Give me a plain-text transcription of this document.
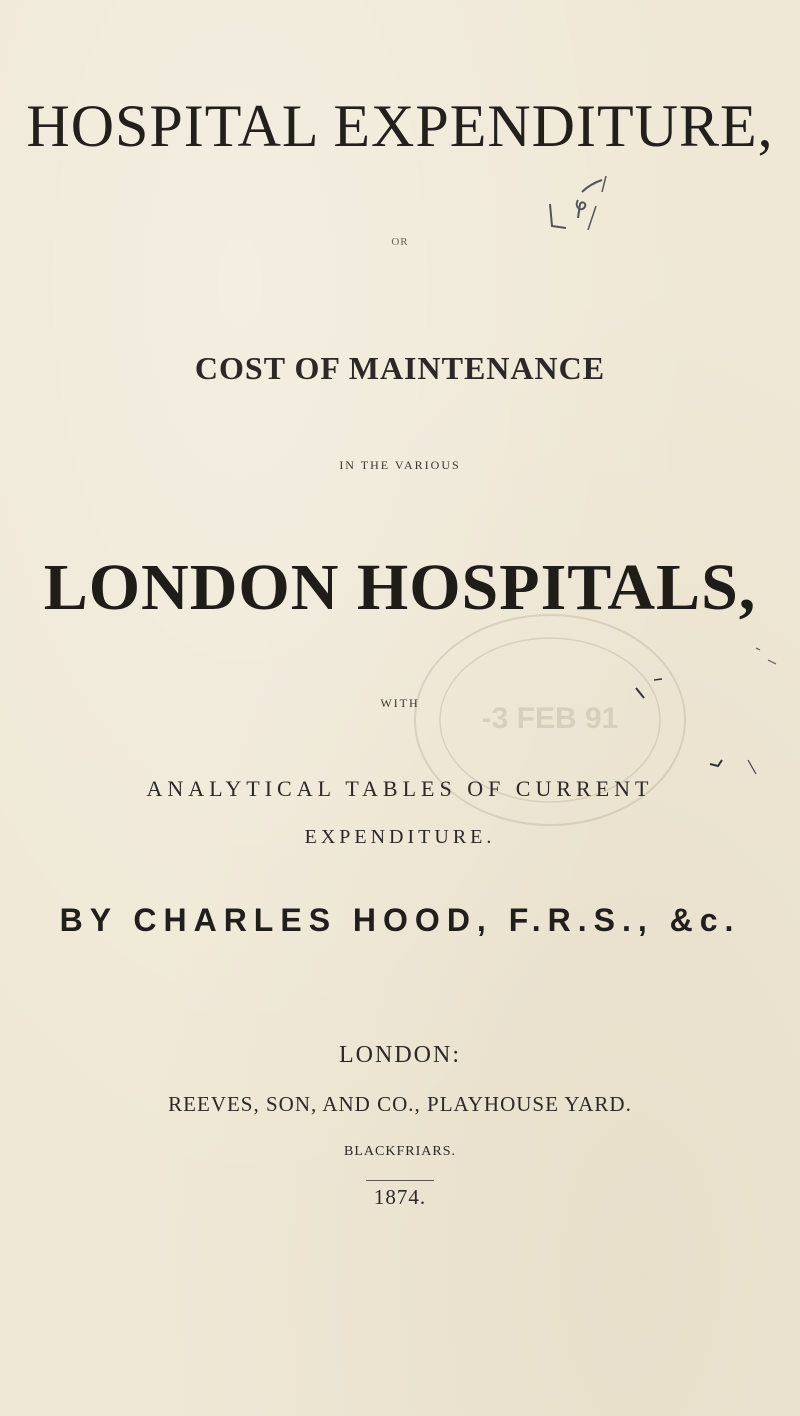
HOSPITAL EXPENDITURE,

OR

COST OF MAINTENANCE

IN THE VARIOUS

LONDON HOSPITALS,
-3 FEB 91

WITH

ANALYTICAL TABLES OF CURRENT

EXPENDITURE.

BY CHARLES HOOD, F.R.S., &c.

LONDON:

REEVES, SON, AND CO., PLAYHOUSE YARD.

BLACKFRIARS.

1874.
